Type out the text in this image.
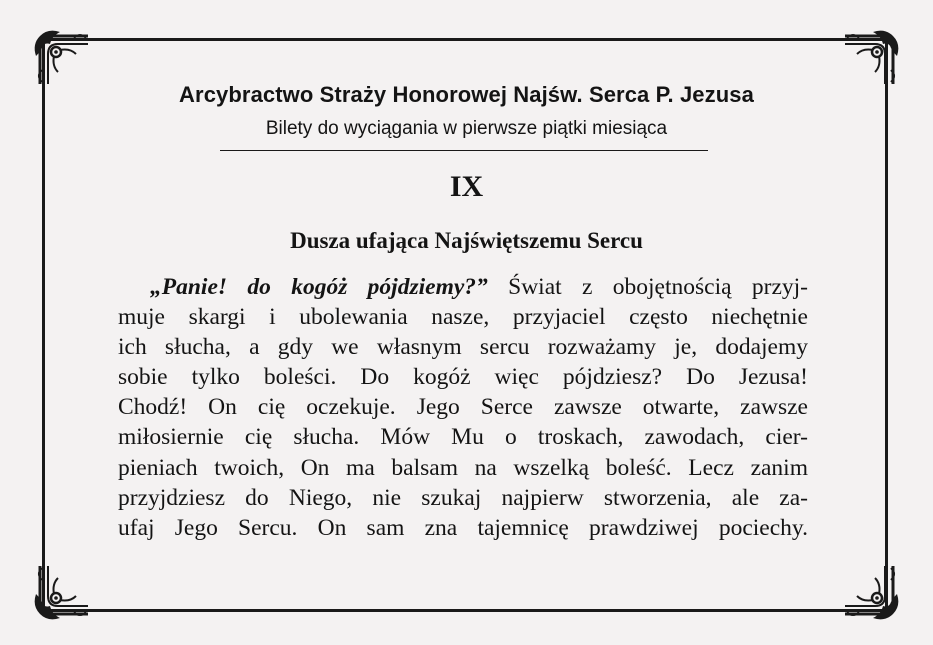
Arcybractwo Straży Honorowej Najśw. Serca P. Jezusa
Bilety do wyciągania w pierwsze piątki miesiąca
IX
Dusza ufająca Najświętszemu Sercu
„Panie! do kogóż pójdziemy?” Świat z obojętnością przyj-
muje skargi i ubolewania nasze, przyjaciel często niechętnie
ich słucha, a gdy we własnym sercu rozważamy je, dodajemy
sobie tylko boleści. Do kogóż więc pójdziesz? Do Jezusa!
Chodź! On cię oczekuje. Jego Serce zawsze otwarte, zawsze
miłosiernie cię słucha. Mów Mu o troskach, zawodach, cier-
pieniach twoich, On ma balsam na wszelką boleść. Lecz zanim
przyjdziesz do Niego, nie szukaj najpierw stworzenia, ale za-
ufaj Jego Sercu. On sam zna tajemnicę prawdziwej pociechy.
